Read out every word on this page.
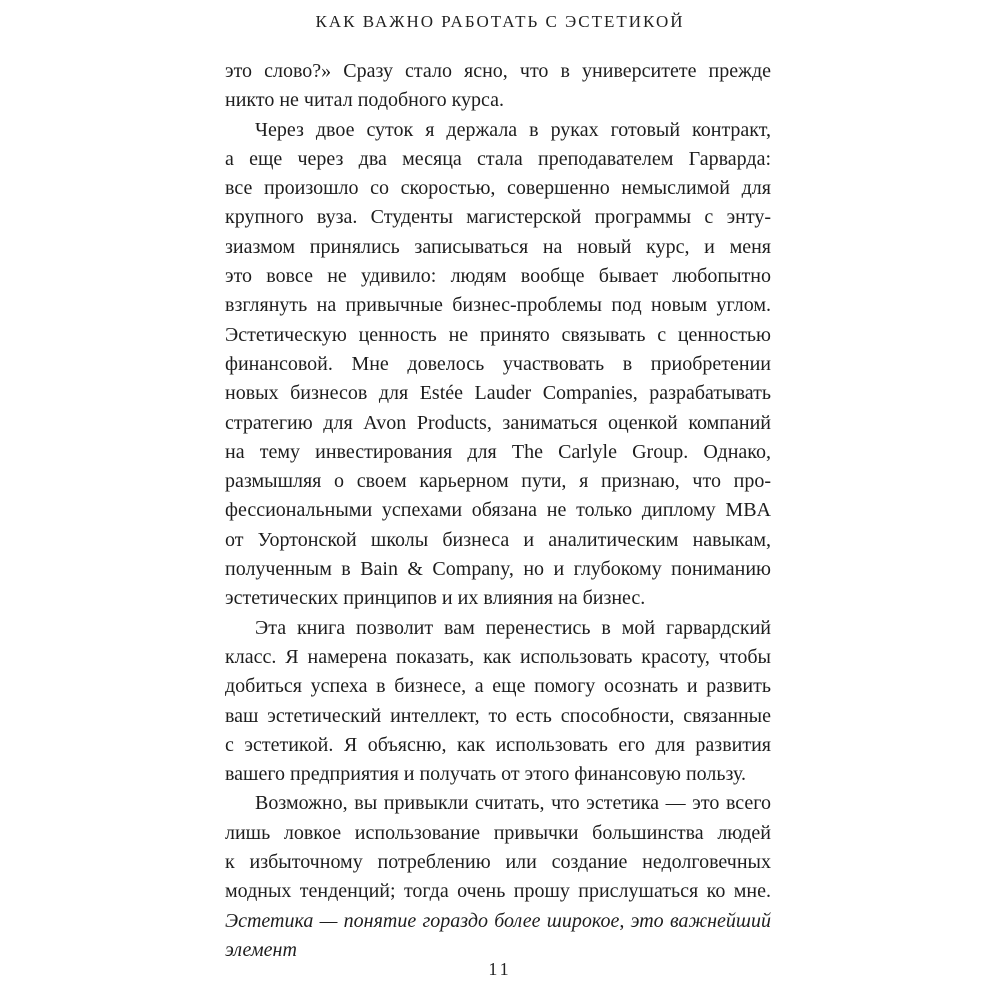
КАК ВАЖНО РАБОТАТЬ С ЭСТЕТИКОЙ
это слово?» Сразу стало ясно, что в университете прежде
никто не читал подобного курса.
Через двое суток я держала в руках готовый контракт,
а еще через два месяца стала преподавателем Гарварда:
все произошло со скоростью, совершенно немыслимой для
крупного вуза. Студенты магистерской программы с энту-
зиазмом принялись записываться на новый курс, и меня
это вовсе не удивило: людям вообще бывает любопытно
взглянуть на привычные бизнес-проблемы под новым углом.
Эстетическую ценность не принято связывать с ценностью
финансовой. Мне довелось участвовать в приобретении
новых бизнесов для Estée Lauder Companies, разрабатывать
стратегию для Avon Products, заниматься оценкой компаний
на тему инвестирования для The Carlyle Group. Однако,
размышляя о своем карьерном пути, я признаю, что про-
фессиональными успехами обязана не только диплому MBA
от Уортонской школы бизнеса и аналитическим навыкам,
полученным в Bain & Company, но и глубокому пониманию
эстетических принципов и их влияния на бизнес.
Эта книга позволит вам перенестись в мой гарвардский
класс. Я намерена показать, как использовать красоту, чтобы
добиться успеха в бизнесе, а еще помогу осознать и развить
ваш эстетический интеллект, то есть способности, связанные
с эстетикой. Я объясню, как использовать его для развития
вашего предприятия и получать от этого финансовую пользу.
Возможно, вы привыкли считать, что эстетика — это всего
лишь ловкое использование привычки большинства людей
к избыточному потреблению или создание недолговечных
модных тенденций; тогда очень прошу прислушаться ко мне.
Эстетика — понятие гораздо более широкое, это важнейший элемент
11
